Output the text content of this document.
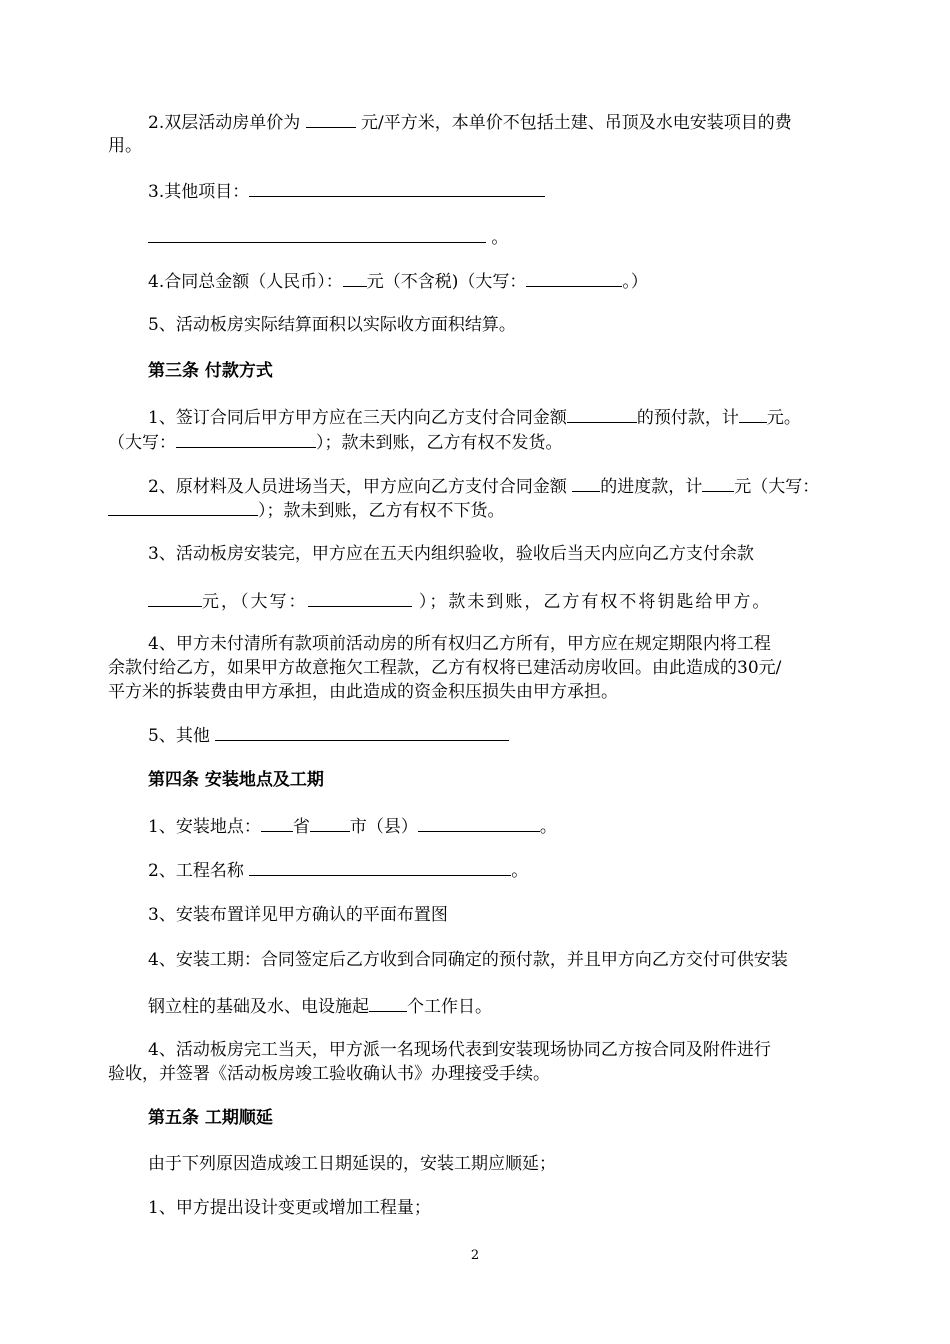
2.双层活动房单价为	元/平方米，本单价不包括土建、吊顶及水电安装项目的费
用。
3.其他项目：
。
4.合同总金额（人民币）： 元（不含税)（大写：	。）
5、活动板房实际结算面积以实际收方面积结算。
第三条 付款方式
1、签订合同后甲方甲方应在三天内向乙方支付合同金额	的预付款，计 元。
（大写：	）；款未到账，乙方有权不发货。
2、原材料及人员进场当天，甲方应向乙方支付合同金额 的进度款，计 元（大写：
）；款未到账，乙方有权不下货。
3、活动板房安装完，甲方应在五天内组织验收，验收后当天内应向乙方支付余款
元，（大写：	）；款未到账，乙方有权不将钥匙给甲方。
4、甲方未付清所有款项前活动房的所有权归乙方所有，甲方应在规定期限内将工程
余款付给乙方，如果甲方故意拖欠工程款，乙方有权将已建活动房收回。由此造成的30元/
平方米的拆装费由甲方承担，由此造成的资金积压损失由甲方承担。
5、其他
第四条 安装地点及工期
1、安装地点： 省 市（县）	。
2、工程名称	。
3、安装布置详见甲方确认的平面布置图
4、安装工期：合同签定后乙方收到合同确定的预付款，并且甲方向乙方交付可供安装
钢立柱的基础及水、电设施起 个工作日。
4、活动板房完工当天，甲方派一名现场代表到安装现场协同乙方按合同及附件进行
验收，并签署《活动板房竣工验收确认书》办理接受手续。
第五条 工期顺延
由于下列原因造成竣工日期延误的，安装工期应顺延；
1、甲方提出设计变更或增加工程量；
2
